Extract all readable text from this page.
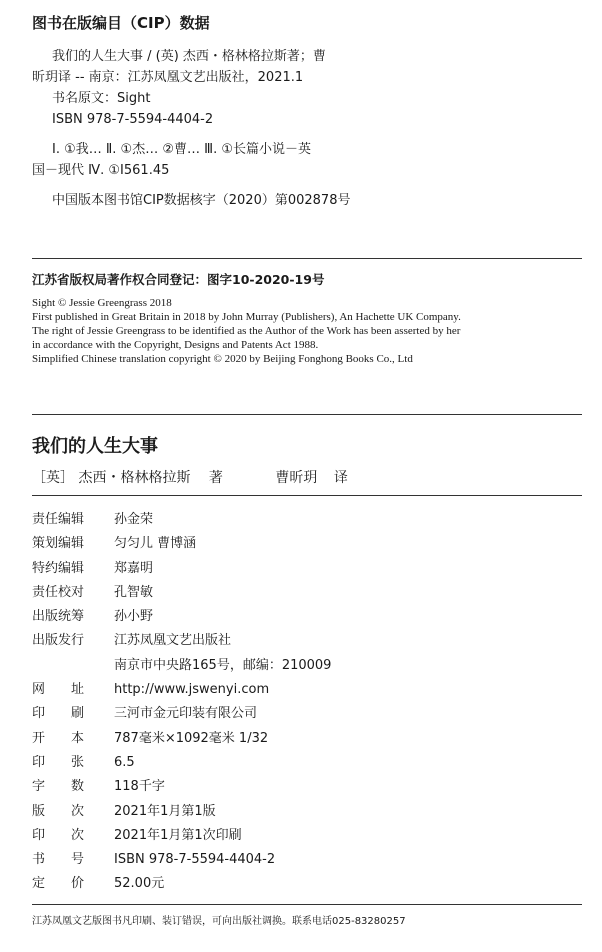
图书在版编目（CIP）数据
我们的人生大事 / (英) 杰西・格林格拉斯著；曹
昕玥译 -- 南京：江苏凤凰文艺出版社，2021.1
书名原文：Sight
ISBN 978-7-5594-4404-2
Ⅰ. ①我… Ⅱ. ①杰… ②曹… Ⅲ. ①长篇小说－英
国－现代 Ⅳ. ①I561.45
中国版本图书馆CIP数据核字（2020）第002878号
江苏省版权局著作权合同登记：图字10-2020-19号
Sight © Jessie Greengrass 2018
First published in Great Britain in 2018 by John Murray (Publishers), An Hachette UK Company.
The right of Jessie Greengrass to be identified as the Author of the Work has been asserted by her
in accordance with the Copyright, Designs and Patents Act 1988.
Simplified Chinese translation copyright © 2020 by Beijing Fonghong Books Co., Ltd
我们的人生大事
［英］ 杰西・格林格拉斯 著	曹昕玥 译
责任编辑 孙金荣
策划编辑 匀匀儿 曹博涵
特约编辑 郑嘉明
责任校对 孔智敏
出版统筹 孙小野
出版发行 江苏凤凰文艺出版社
南京市中央路165号，邮编：210009
网　　址 http://www.jswenyi.com
印　　刷 三河市金元印装有限公司
开　　本 787毫米×1092毫米 1/32
印　　张 6.5
字　　数 118千字
版　　次 2021年1月第1版
印　　次 2021年1月第1次印刷
书　　号 ISBN 978-7-5594-4404-2
定　　价 52.00元
江苏凤凰文艺版图书凡印刷、装订错误，可向出版社调换。联系电话025-83280257
